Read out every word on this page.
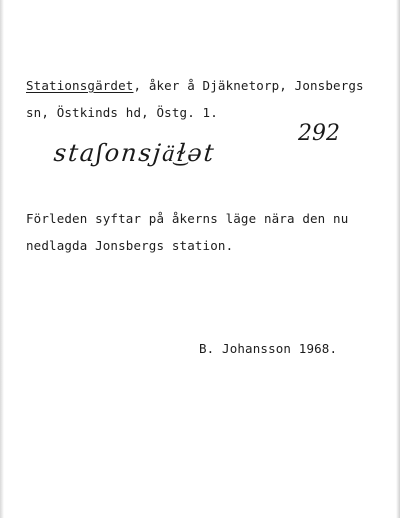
Stationsgärdet, åker å Djäknetorp, Jonsbergs
sn, Östkinds hd, Östg. 1.
staʃonsjä͜ɫət
292
Förleden syftar på åkerns läge nära den nu
nedlagda Jonsbergs station.
B. Johansson 1968.
